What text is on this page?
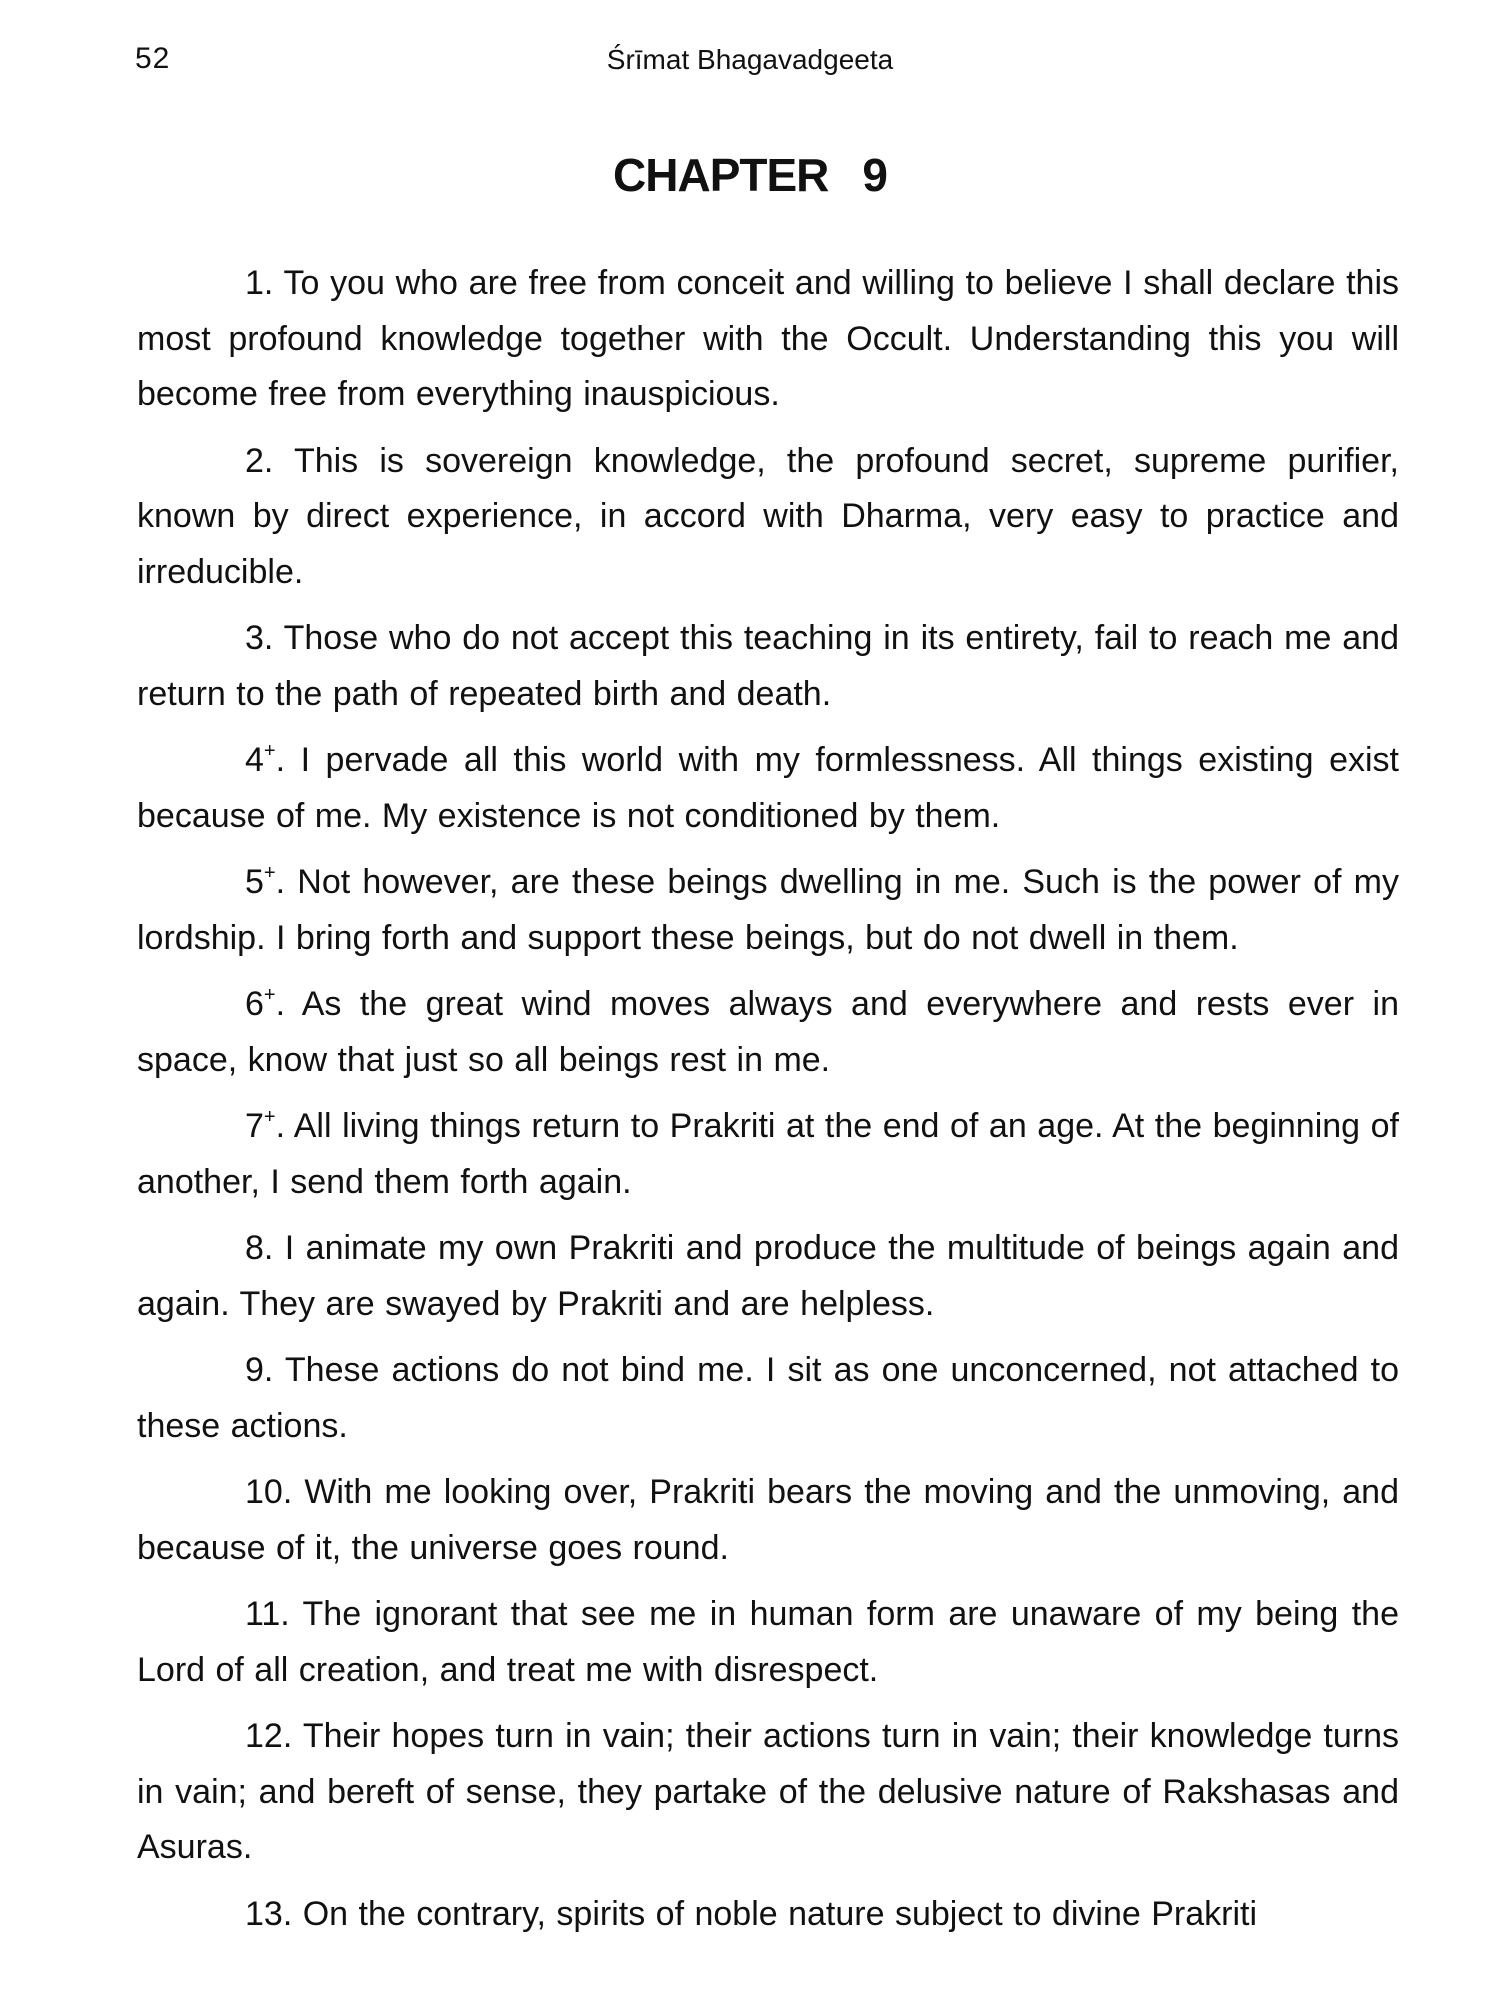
52	Śrīmat Bhagavadgeeta
CHAPTER 9

1. To you who are free from conceit and willing to believe I shall declare this most profound knowledge together with the Occult. Understanding this you will become free from everything inauspicious.

2. This is sovereign knowledge, the profound secret, supreme purifier, known by direct experience, in accord with Dharma, very easy to practice and irreducible.

3. Those who do not accept this teaching in its entirety, fail to reach me and return to the path of repeated birth and death.

4+. I pervade all this world with my formlessness. All things existing exist because of me. My existence is not conditioned by them.

5+. Not however, are these beings dwelling in me. Such is the power of my lordship. I bring forth and support these beings, but do not dwell in them.

6+. As the great wind moves always and everywhere and rests ever in space, know that just so all beings rest in me.

7+. All living things return to Prakriti at the end of an age. At the beginning of another, I send them forth again.

8. I animate my own Prakriti and produce the multitude of beings again and again. They are swayed by Prakriti and are helpless.

9. These actions do not bind me. I sit as one unconcerned, not attached to these actions.

10. With me looking over, Prakriti bears the moving and the unmoving, and because of it, the universe goes round.

11. The ignorant that see me in human form are unaware of my being the Lord of all creation, and treat me with disrespect.

12. Their hopes turn in vain; their actions turn in vain; their knowledge turns in vain; and bereft of sense, they partake of the delusive nature of Rakshasas and Asuras.

13. On the contrary, spirits of noble nature subject to divine Prakriti
